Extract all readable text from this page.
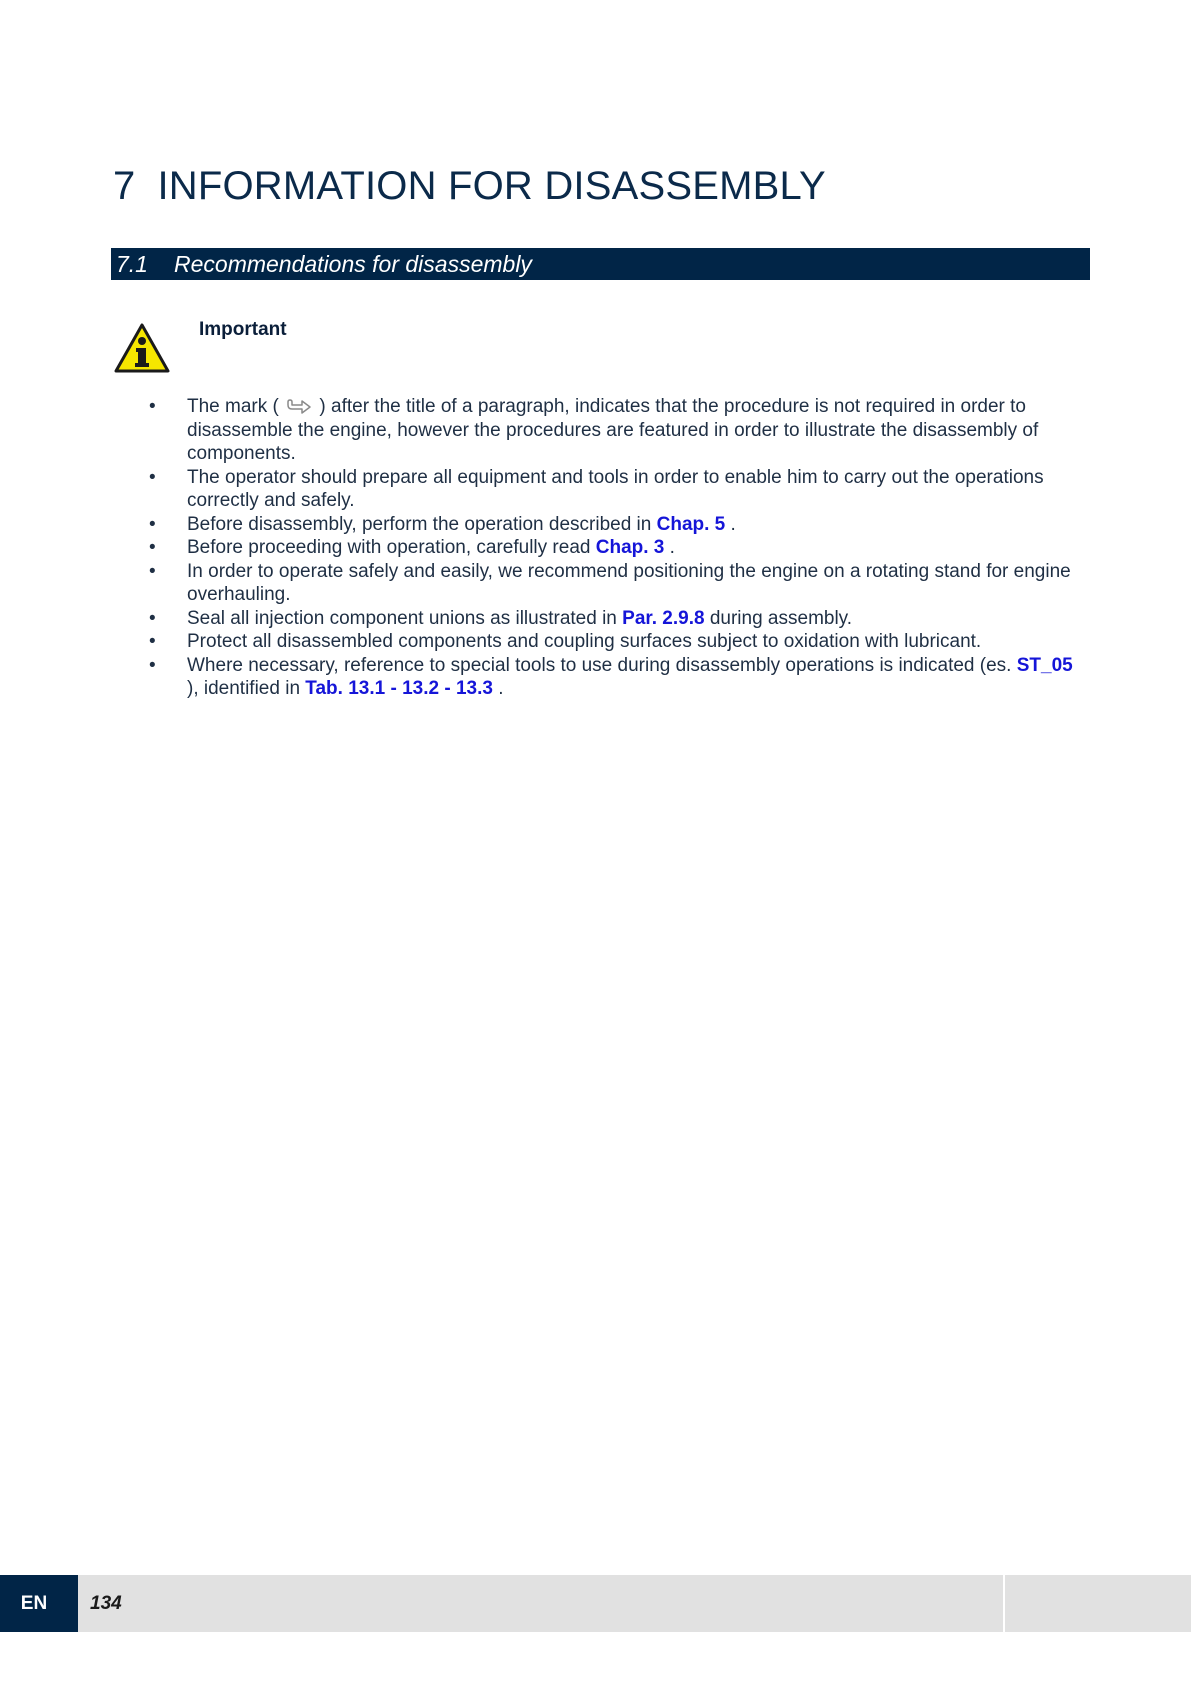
7 INFORMATION FOR DISASSEMBLY
7.1 Recommendations for disassembly
Important
• The mark (  ) after the title of a paragraph, indicates that the procedure is not required in order to disassemble the engine, however the procedures are featured in order to illustrate the disassembly of components.
• The operator should prepare all equipment and tools in order to enable him to carry out the operations correctly and safely.
• Before disassembly, perform the operation described in Chap. 5 .
• Before proceeding with operation, carefully read Chap. 3 .
• In order to operate safely and easily, we recommend positioning the engine on a rotating stand for engine overhauling.
• Seal all injection component unions as illustrated in Par. 2.9.8 during assembly.
• Protect all disassembled components and coupling surfaces subject to oxidation with lubricant.
• Where necessary, reference to special tools to use during disassembly operations is indicated (es. ST_05 ), identified in Tab. 13.1 - 13.2 - 13.3 .
EN	134
